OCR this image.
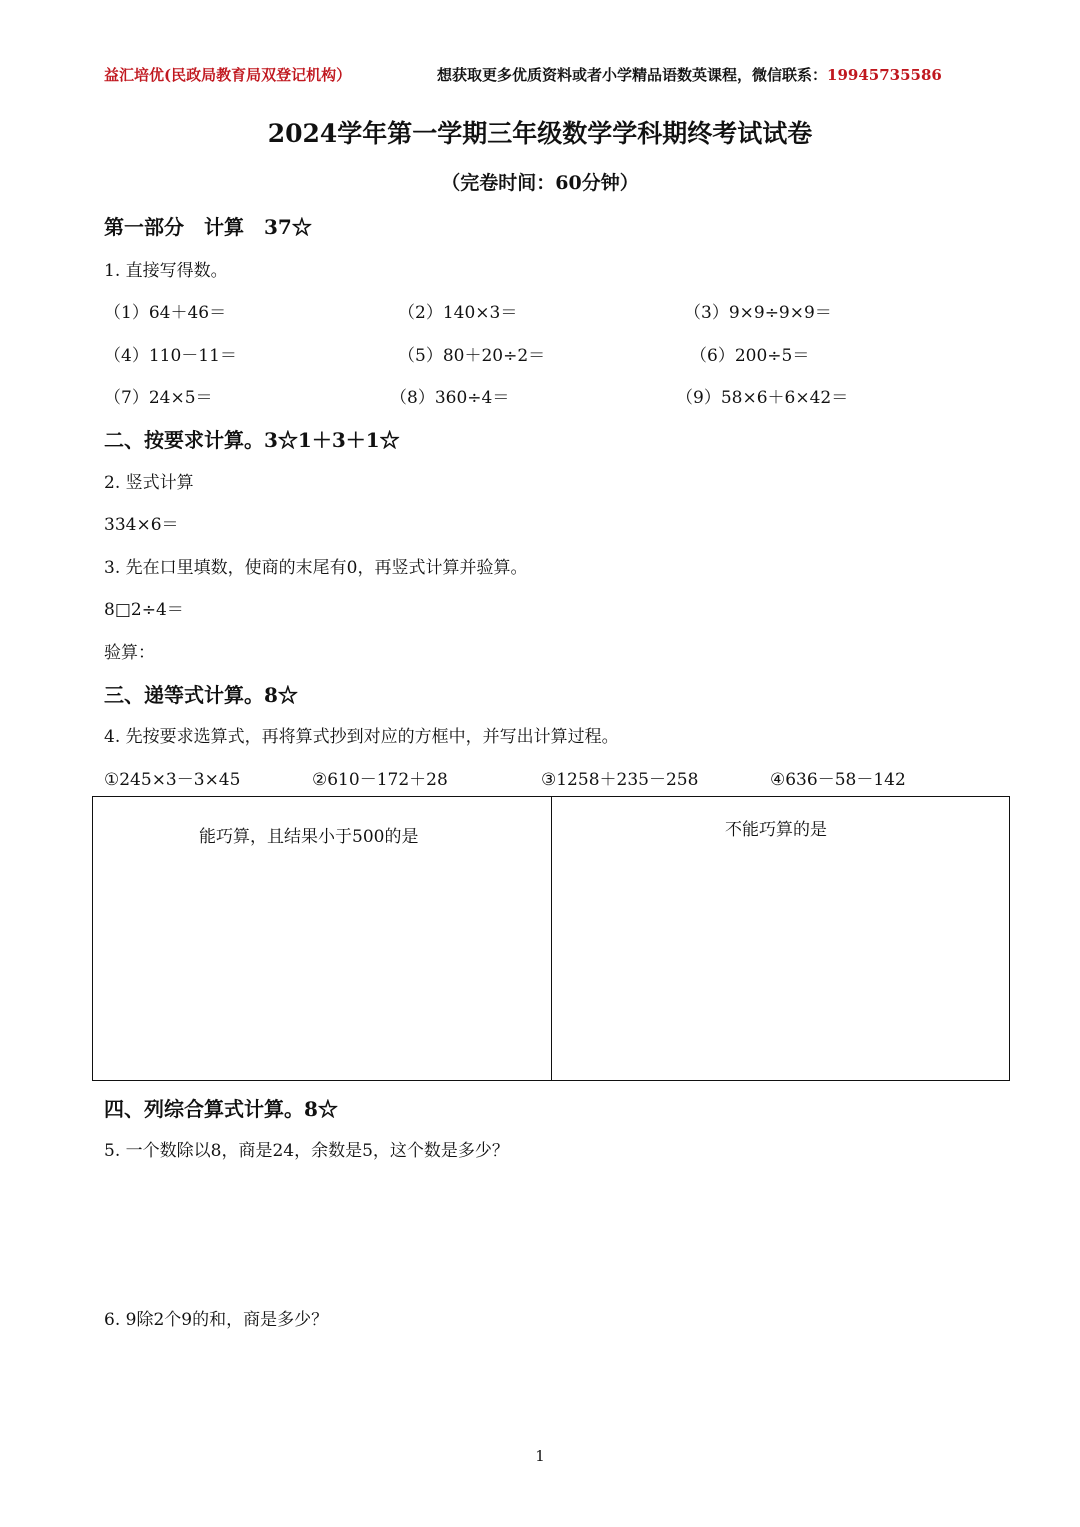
益汇培优(民政局教育局双登记机构）	想获取更多优质资料或者小学精品语数英课程，微信联系：19945735586
2024学年第一学期三年级数学学科期终考试试卷
（完卷时间：60分钟）
第一部分　计算　37☆
1. 直接写得数。
（1）64＋46＝	（2）140×3＝	（3）9×9÷9×9＝
（4）110－11＝	（5）80＋20÷2＝	（6）200÷5＝
（7）24×5＝	（8）360÷4＝	（9）58×6＋6×42＝
二、按要求计算。3☆1＋3＋1☆
2. 竖式计算
334×6＝
3. 先在口里填数，使商的末尾有0，再竖式计算并验算。
8□2÷4＝
验算：
三、递等式计算。8☆
4. 先按要求选算式，再将算式抄到对应的方框中，并写出计算过程。
①245×3－3×45	②610－172＋28	③1258＋235－258	④636－58－142
能巧算，且结果小于500的是	不能巧算的是
四、列综合算式计算。8☆
5. 一个数除以8，商是24，余数是5，这个数是多少？
6. 9除2个9的和，商是多少？
1
